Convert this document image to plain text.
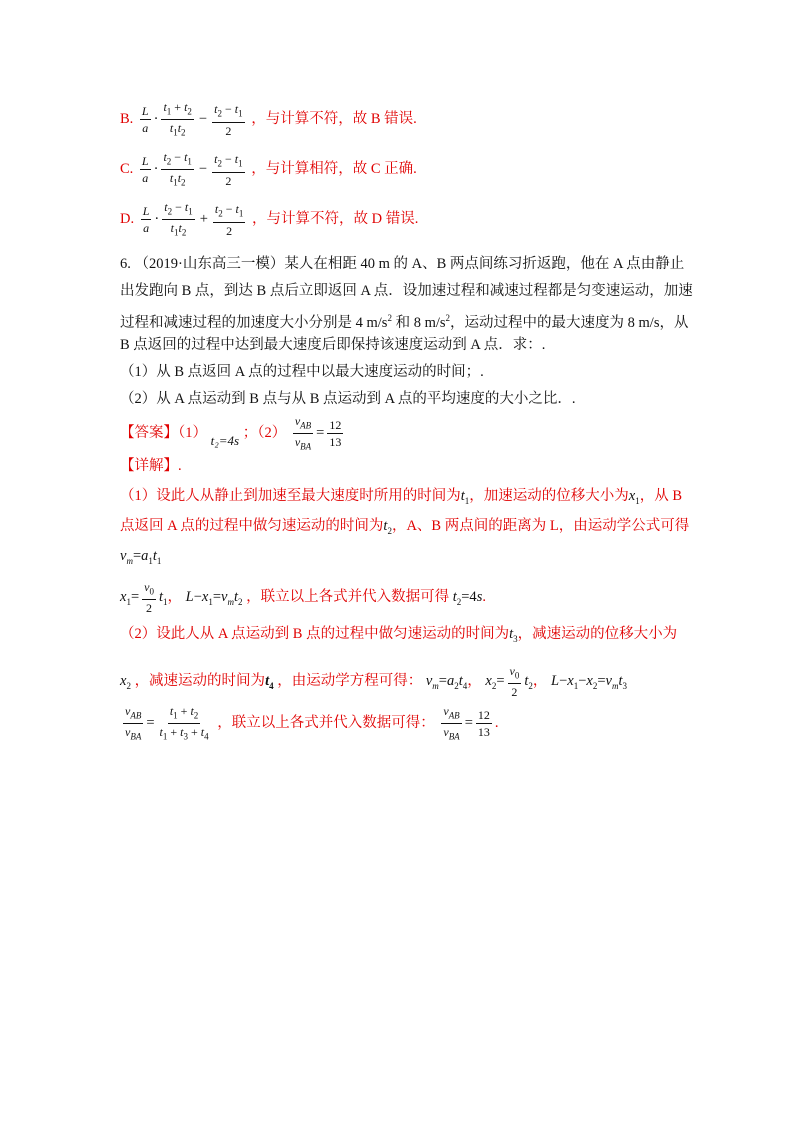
B. $\frac{L}{a} \cdot \frac{t_1 + t_2}{t_1t_2} - \frac{t_2 - t_1}{2}$ ，与计算不符，故 B 错误.
C. $\frac{L}{a} \cdot \frac{t_2 - t_1}{t_1t_2} - \frac{t_2 - t_1}{2}$ ，与计算相符，故 C 正确.
D. $\frac{L}{a} \cdot \frac{t_2 - t_1}{t_1t_2} + \frac{t_2 - t_1}{2}$ ，与计算不符，故 D 错误.
6. （2019·山东高三一模）某人在相距 40 m 的 A、B 两点间练习折返跑，他在 A 点由静止
出发跑向 B 点，到达 B 点后立即返回 A 点．设加速过程和减速过程都是匀变速运动，加速
过程和减速过程的加速度大小分别是 4 $m/s^2$ 和 8 $m/s^2$，运动过程中的最大速度为 8 m/s，从
B 点返回的过程中达到最大速度后即保持该速度运动到 A 点．求：.
（1）从 B 点返回 A 点的过程中以最大速度运动的时间；.
（2）从 A 点运动到 B 点与从 B 点运动到 A 点的平均速度的大小之比．.
【答案】（1） t₂=4s ；（2）
$v_{AB}$
$v_{BA}$
= $\frac{12}{13}$
【详解】.
（1）设此人从静止到加速至最大速度时所用的时间为$t_1$，加速运动的位移大小为$x_1$，从 B
点返回 A 点的过程中做匀速运动的时间为$t_2$，A、B 两点间的距离为 L，由运动学公式可得
$v_m=a_1t_1$
$x_1= \frac{v_0}{2} t_1$， $L-x_1=v_mt_2$ ，联立以上各式并代入数据可得 $t_2=4s$.
（2）设此人从 A 点运动到 B 点的过程中做匀速运动的时间为$t_3$，减速运动的位移大小为
$x_2$ ，减速运动的时间为$t_4$ ，由运动学方程可得： $v_m=a_2t_4$， $x_2= \frac{v_0}{2} t_2$， $L-x_1-x_2=v_mt_3$
$v_{AB}$
$v_{BA}$
= $\frac{t_1 + t_2}{t_1 + t_3 + t_4}$ ，联立以上各式并代入数据可得：
$v_{AB}$
$v_{BA}$
= $\frac{12}{13}$ .
